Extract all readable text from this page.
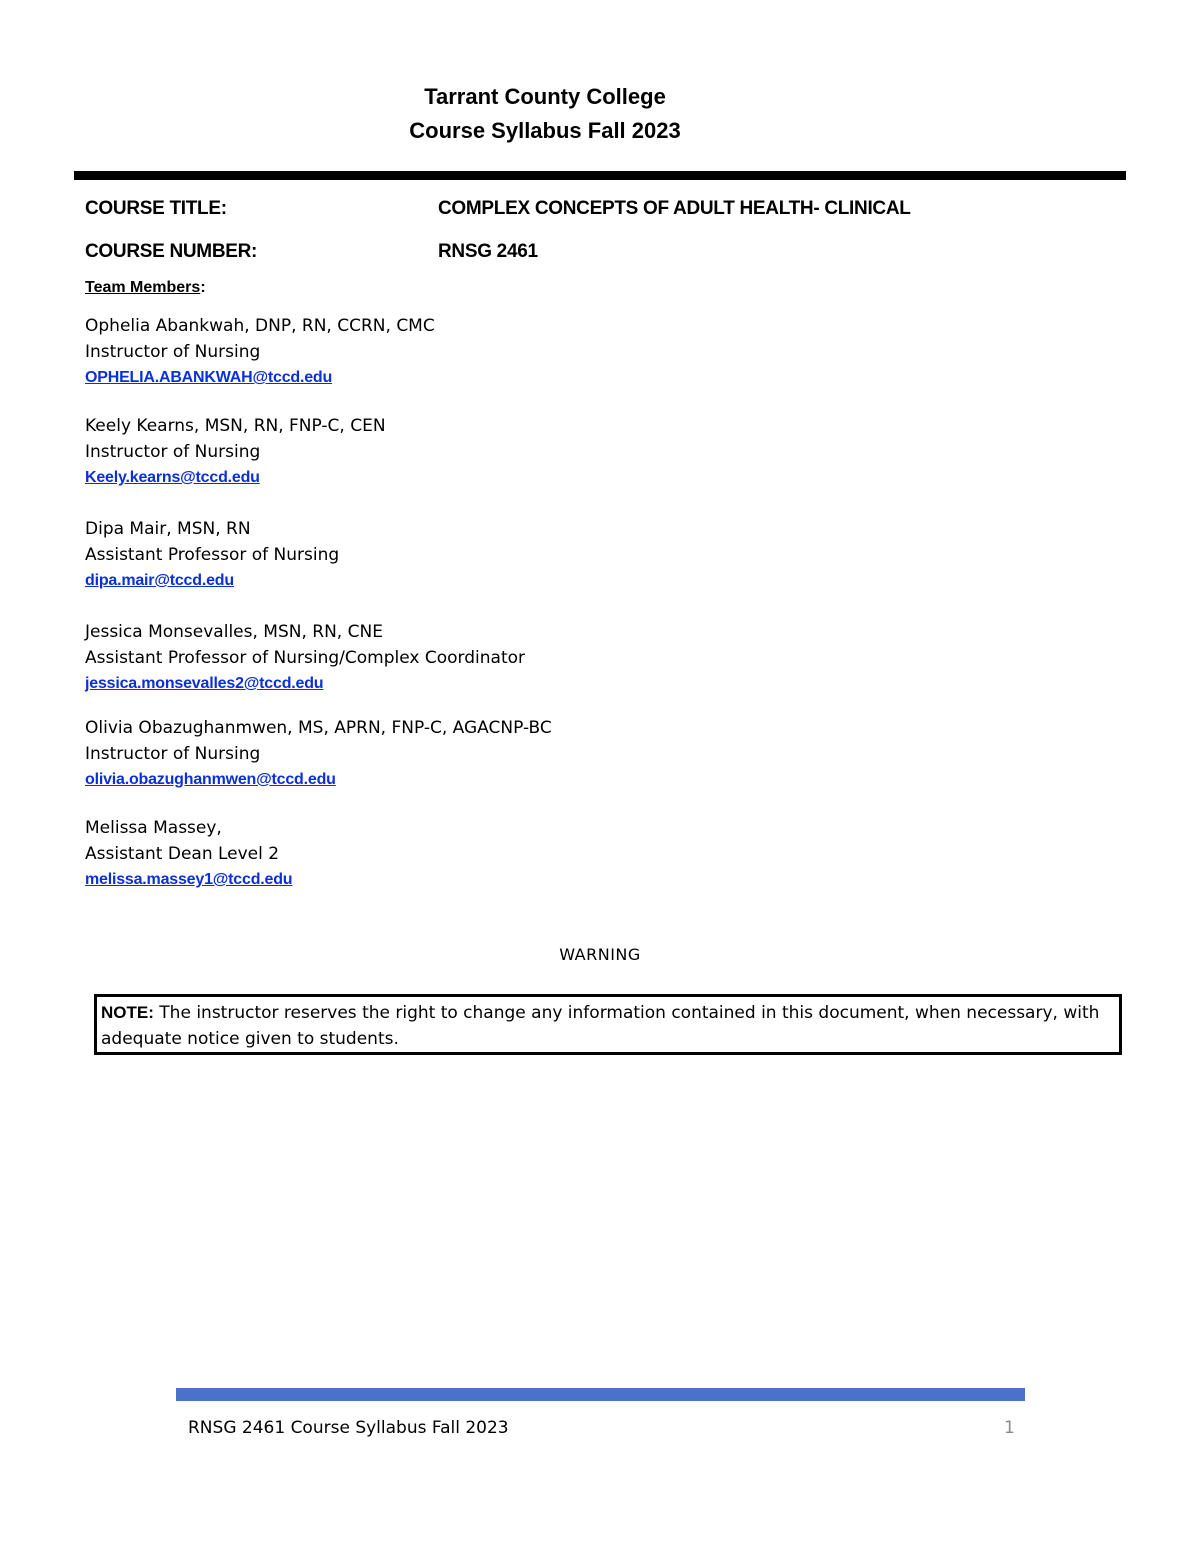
Tarrant County College
Course Syllabus Fall 2023
COURSE TITLE:	COMPLEX CONCEPTS OF ADULT HEALTH- CLINICAL
COURSE NUMBER:	RNSG 2461
Team Members:
Ophelia Abankwah, DNP, RN, CCRN, CMC
Instructor of Nursing
OPHELIA.ABANKWAH@tccd.edu
Keely Kearns, MSN, RN, FNP-C, CEN
Instructor of Nursing
Keely.kearns@tccd.edu
Dipa Mair, MSN, RN
Assistant Professor of Nursing
dipa.mair@tccd.edu
Jessica Monsevalles, MSN, RN, CNE
Assistant Professor of Nursing/Complex Coordinator
jessica.monsevalles2@tccd.edu
Olivia Obazughanmwen, MS, APRN, FNP-C, AGACNP-BC
Instructor of Nursing
olivia.obazughanmwen@tccd.edu
Melissa Massey,
Assistant Dean Level 2
melissa.massey1@tccd.edu
WARNING
NOTE: The instructor reserves the right to change any information contained in this document, when necessary, with adequate notice given to students.
RNSG 2461 Course Syllabus Fall 2023	1
